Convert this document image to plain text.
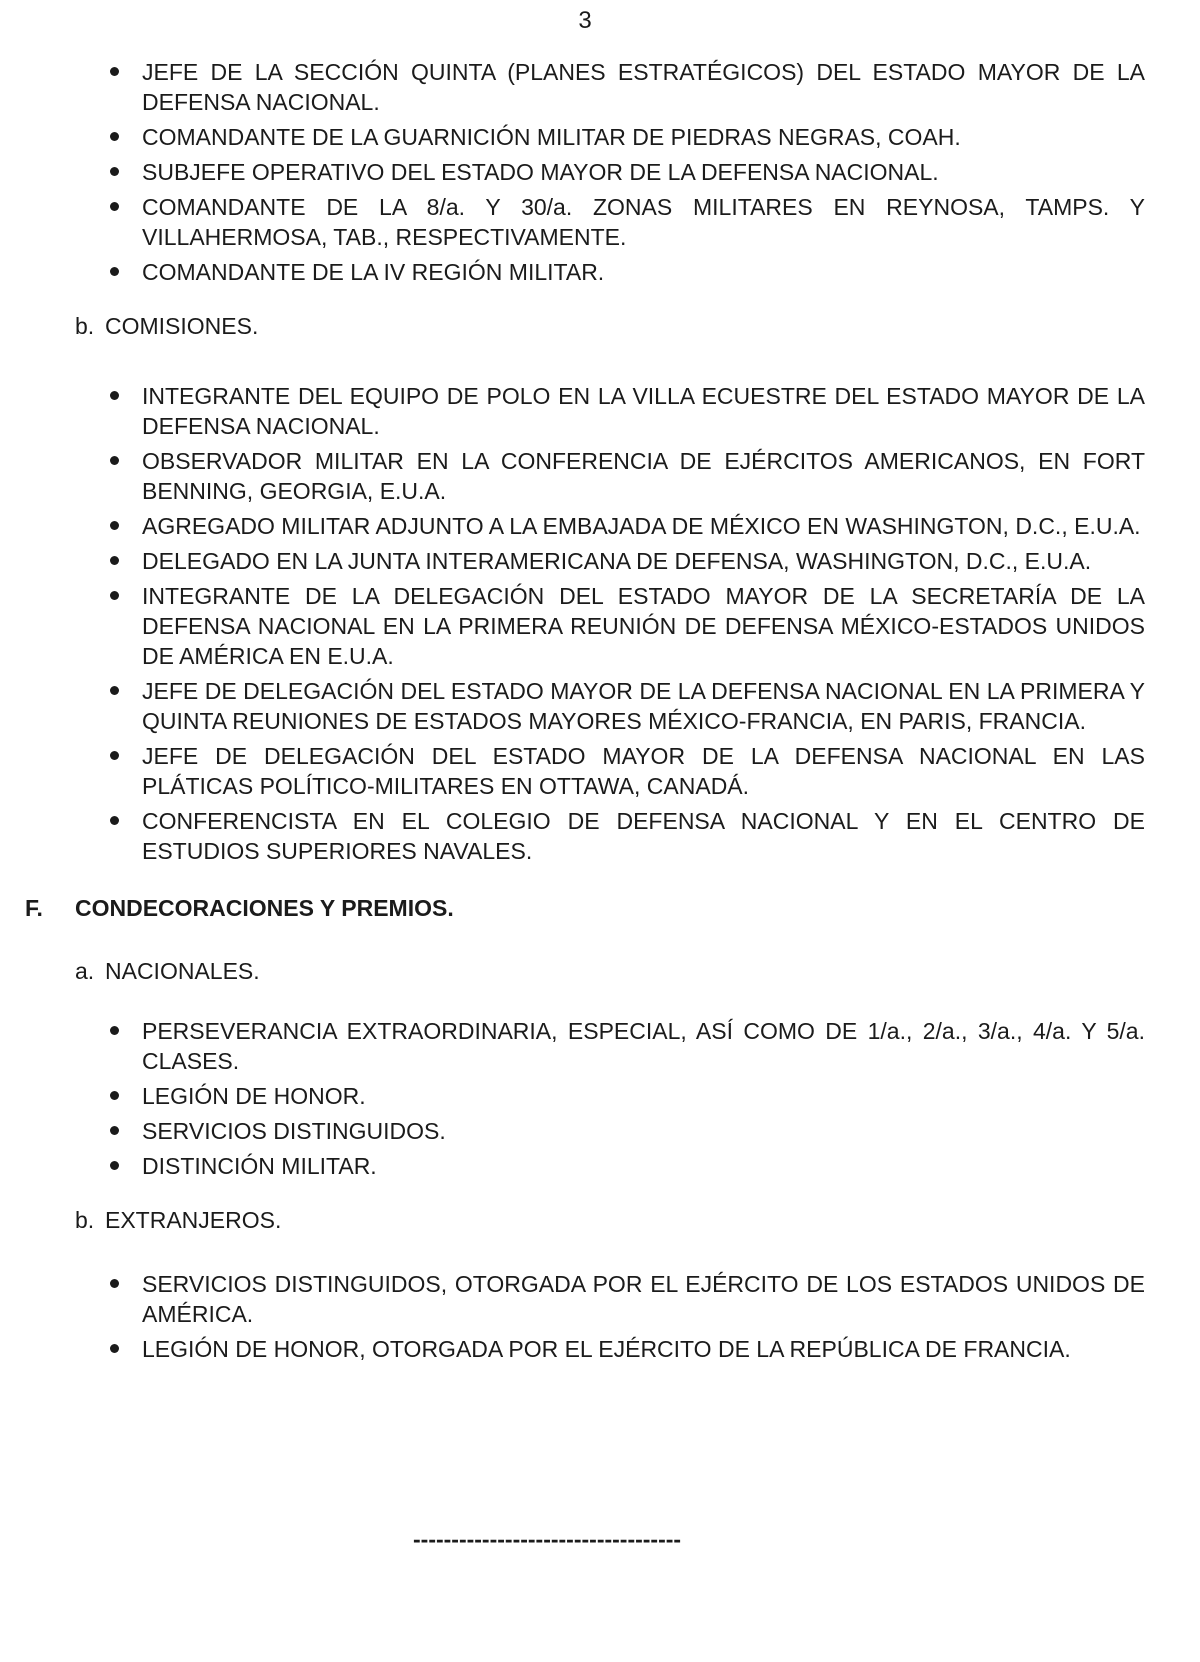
3
JEFE DE LA SECCIÓN QUINTA (PLANES ESTRATÉGICOS) DEL ESTADO MAYOR DE LA DEFENSA NACIONAL.
COMANDANTE DE LA GUARNICIÓN MILITAR DE PIEDRAS NEGRAS, COAH.
SUBJEFE OPERATIVO DEL ESTADO MAYOR DE LA DEFENSA NACIONAL.
COMANDANTE DE LA 8/a. Y 30/a. ZONAS MILITARES EN REYNOSA, TAMPS. Y VILLAHERMOSA, TAB., RESPECTIVAMENTE.
COMANDANTE DE LA IV REGIÓN MILITAR.
b. COMISIONES.
INTEGRANTE DEL EQUIPO DE POLO EN LA VILLA ECUESTRE DEL ESTADO MAYOR DE LA DEFENSA NACIONAL.
OBSERVADOR MILITAR EN LA CONFERENCIA DE EJÉRCITOS AMERICANOS, EN FORT BENNING, GEORGIA, E.U.A.
AGREGADO MILITAR ADJUNTO A LA EMBAJADA DE MÉXICO EN WASHINGTON, D.C., E.U.A.
DELEGADO EN LA JUNTA INTERAMERICANA DE DEFENSA, WASHINGTON, D.C., E.U.A.
INTEGRANTE DE LA DELEGACIÓN DEL ESTADO MAYOR DE LA SECRETARÍA DE LA DEFENSA NACIONAL EN LA PRIMERA REUNIÓN DE DEFENSA MÉXICO-ESTADOS UNIDOS DE AMÉRICA EN E.U.A.
JEFE DE DELEGACIÓN DEL ESTADO MAYOR DE LA DEFENSA NACIONAL EN LA PRIMERA Y QUINTA REUNIONES DE ESTADOS MAYORES MÉXICO-FRANCIA, EN PARIS, FRANCIA.
JEFE DE DELEGACIÓN DEL ESTADO MAYOR DE LA DEFENSA NACIONAL EN LAS PLÁTICAS POLÍTICO-MILITARES EN OTTAWA, CANADÁ.
CONFERENCISTA EN EL COLEGIO DE DEFENSA NACIONAL Y EN EL CENTRO DE ESTUDIOS SUPERIORES NAVALES.
F. CONDECORACIONES Y PREMIOS.
a. NACIONALES.
PERSEVERANCIA EXTRAORDINARIA, ESPECIAL, ASÍ COMO DE 1/a., 2/a., 3/a., 4/a. Y 5/a. CLASES.
LEGIÓN DE HONOR.
SERVICIOS DISTINGUIDOS.
DISTINCIÓN MILITAR.
b. EXTRANJEROS.
SERVICIOS DISTINGUIDOS, OTORGADA POR EL EJÉRCITO DE LOS ESTADOS UNIDOS DE AMÉRICA.
LEGIÓN DE HONOR, OTORGADA POR EL EJÉRCITO DE LA REPÚBLICA DE FRANCIA.
-----------------------------------
